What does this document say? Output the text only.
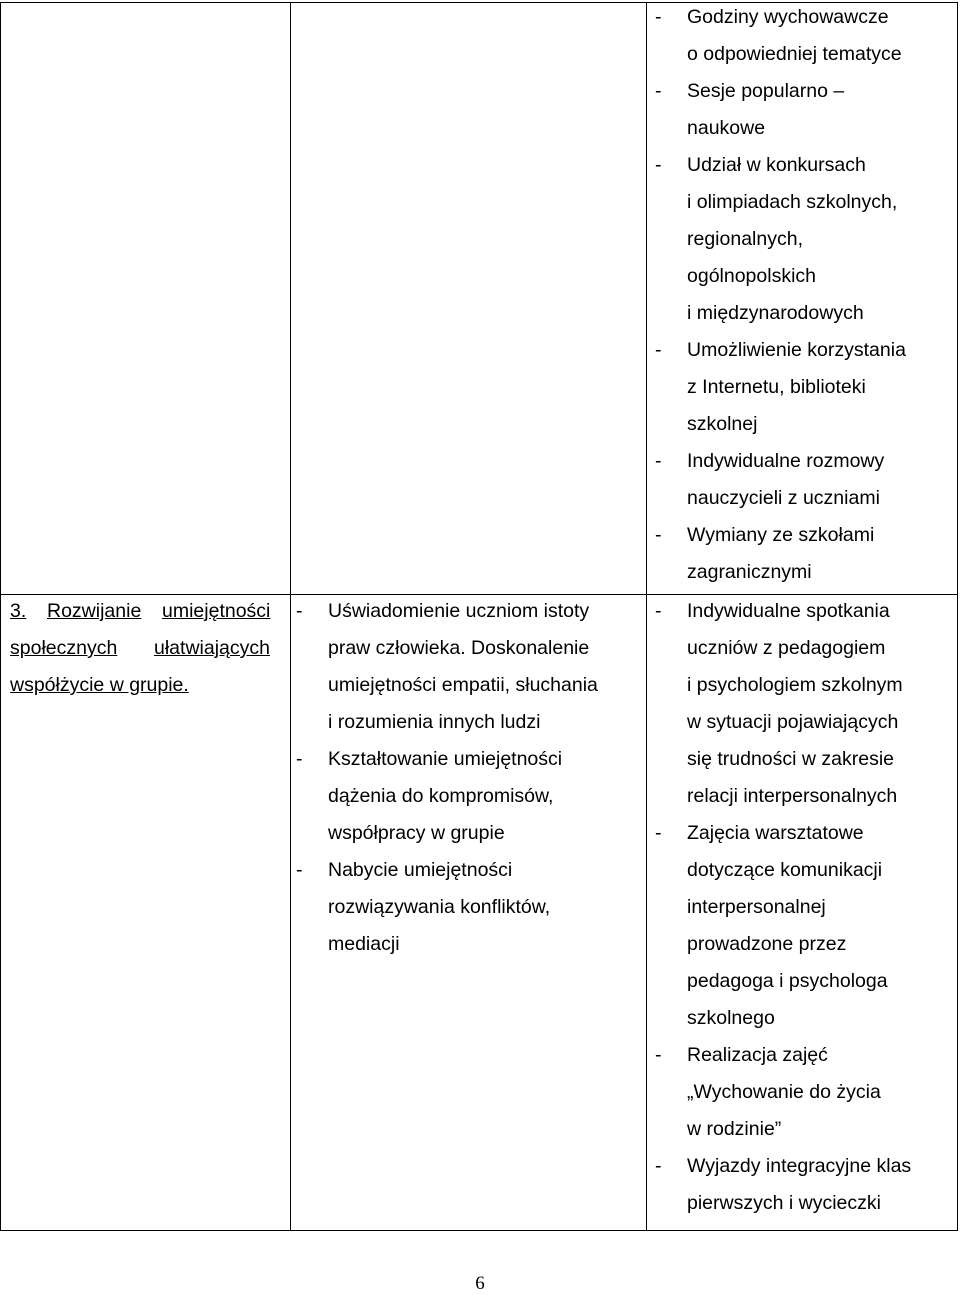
3. Rozwijanie umiejętności
społecznych ułatwiających
współżycie w grupie.
- Uświadomienie uczniom istoty
praw człowieka. Doskonalenie
umiejętności empatii, słuchania
i rozumienia innych ludzi
- Kształtowanie umiejętności
dążenia do kompromisów,
współpracy w grupie
- Nabycie umiejętności
rozwiązywania konfliktów,
mediacji
- Godziny wychowawcze
o odpowiedniej tematyce
- Sesje popularno –
naukowe
- Udział w konkursach
i olimpiadach szkolnych,
regionalnych,
ogólnopolskich
i międzynarodowych
- Umożliwienie korzystania
z Internetu, biblioteki
szkolnej
- Indywidualne rozmowy
nauczycieli z uczniami
- Wymiany ze szkołami
zagranicznymi
- Indywidualne spotkania
uczniów z pedagogiem
i psychologiem szkolnym
w sytuacji pojawiających
się trudności w zakresie
relacji interpersonalnych
- Zajęcia warsztatowe
dotyczące komunikacji
interpersonalnej
prowadzone przez
pedagoga i psychologa
szkolnego
- Realizacja zajęć
„Wychowanie do życia
w rodzinie”
- Wyjazdy integracyjne klas
pierwszych i wycieczki
6
